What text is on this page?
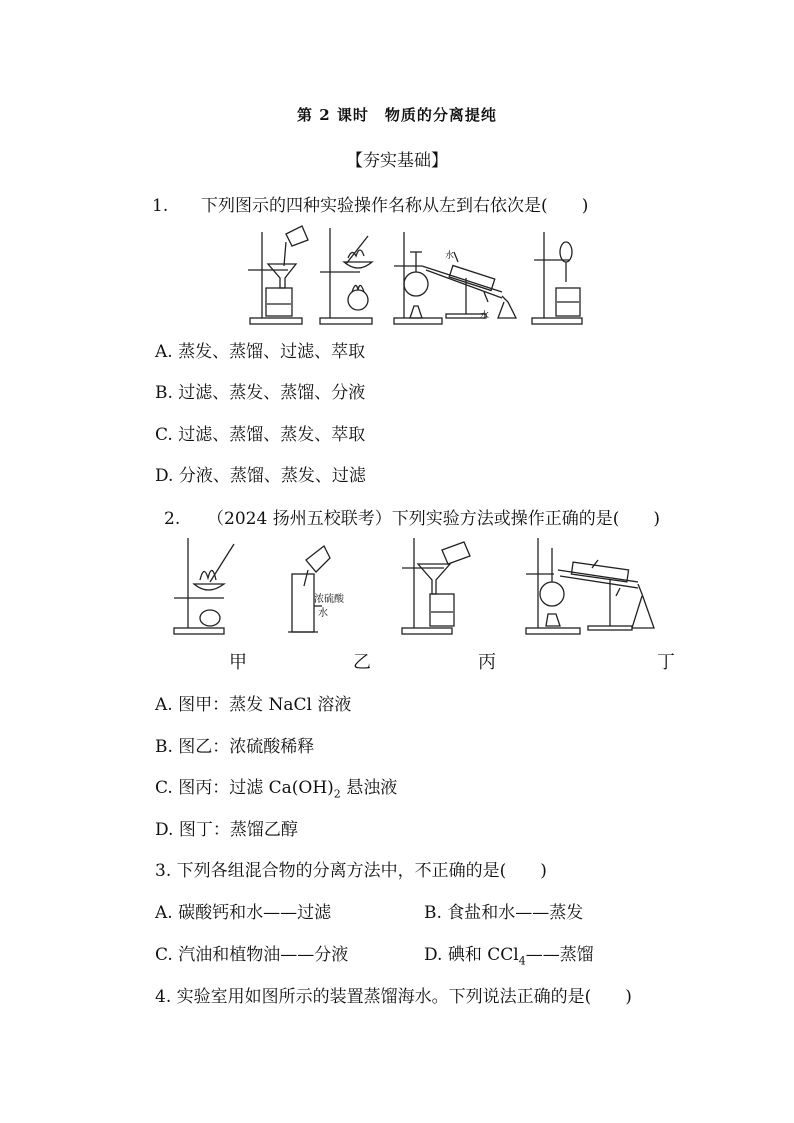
第 2 课时　物质的分离提纯
【夯实基础】
1. 下列图示的四种实验操作名称从左到右依次是( )
水
水
A. 蒸发、蒸馏、过滤、萃取
B. 过滤、蒸发、蒸馏、分液
C. 过滤、蒸馏、蒸发、萃取
D. 分液、蒸馏、蒸发、过滤
2. （2024 扬州五校联考）下列实验方法或操作正确的是( )
浓硫酸
水
甲	乙	丙	丁
A. 图甲：蒸发 NaCl 溶液
B. 图乙：浓硫酸稀释
C. 图丙：过滤 $Ca(OH)_2$ 悬浊液
D. 图丁：蒸馏乙醇
3. 下列各组混合物的分离方法中，不正确的是( )
A. 碳酸钙和水——过滤	B. 食盐和水——蒸发
C. 汽油和植物油——分液	D. 碘和 CCl$_4$——蒸馏
4. 实验室用如图所示的装置蒸馏海水。下列说法正确的是( )
